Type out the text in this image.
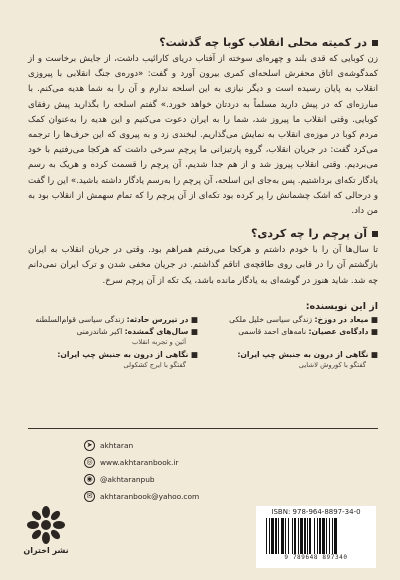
در کمیته محلی انقلاب کوبا چه گذشت؟

زن کوبایی که قدی بلند و چهره‌ای سوخته از آفتاب دریای کارائیب داشت، از جایش برخاست و از کمدگوشه‌ی اتاق محفرش اسلحه‌ای کمری بیرون آورد و گفت: «دوره‌ی جنگ انقلابی با پیروزی انقلاب به پایان رسیده است و دیگر نیازی به این اسلحه ندارم و آن را به شما هدیه می‌کنم. با مبارزه‌ای که در پیش دارید مسلماً به دردتان خواهد خورد.» گفتم اسلحه را بگذارید پیش رفقای کوبایی. وقتی انقلاب ما پیروز شد، شما را به ایران دعوت می‌کنیم و این هدیه را به‌عنوان کمک مردم کوبا در موزه‌ی انقلاب به نمایش می‌گذاریم. لبخندی زد و به پیروی که این حرف‌ها را ترجمه می‌کرد گفت: در جریان انقلاب، گروه پارتیزانی ما پرچم سرخی داشت که هرکجا می‌رفتیم با خود می‌بردیم. وقتی انقلاب پیروز شد و از هم جدا شدیم، آن پرچم را قسمت کرده و هریک به رسم یادگار تکه‌ای برداشتیم. پس به‌جای این اسلحه، آن پرچم را به‌رسم یادگار داشته باشید.» این را گفت و درحالی که اشک چشمانش را پر کرده بود تکه‌ای از آن پرچم را که تمام سهمش از انقلاب بود به من داد.

آن پرچم را چه کردی؟

تا سال‌ها آن را با خودم داشتم و هرکجا می‌رفتم همراهم بود. وقتی در جریان انقلاب به ایران بازگشتم آن را در قابی روی طاقچه‌ی اتاقم گذاشتم. در جریان مخفی شدن و ترک ایران نمی‌دانم چه شد. شاید هنوز در گوشه‌ای به یادگار مانده باشد، یک تکه از آن پرچم سرخ.

از این نویسنده:
■ میعاد در دوزخ: زندگی سیاسی خلیل ملکی
■ در تیررس حادثه: زندگی سیاسی قوام‌السلطنه
■ دادگاه‌ی عصیان: نامه‌های احمد قاسمی
■ سال‌های گمشده: اکبر شاندرمنی
آئین و تجربه انقلاب
■ نگاهی از درون به جنبش چپ ایران:
گفتگو با کوروش لاشایی
■ نگاهی از درون به جنبش چپ ایران:
گفتگو با ایرج کشکولی
➤	akhtaran
◎	www.akhtaranbook.ir
◉	@akhtaranpub
✉	akhtaranbook@yahoo.com
نشر اختران
ISBN: 978-964-8897-34-0
9 789648 897340
